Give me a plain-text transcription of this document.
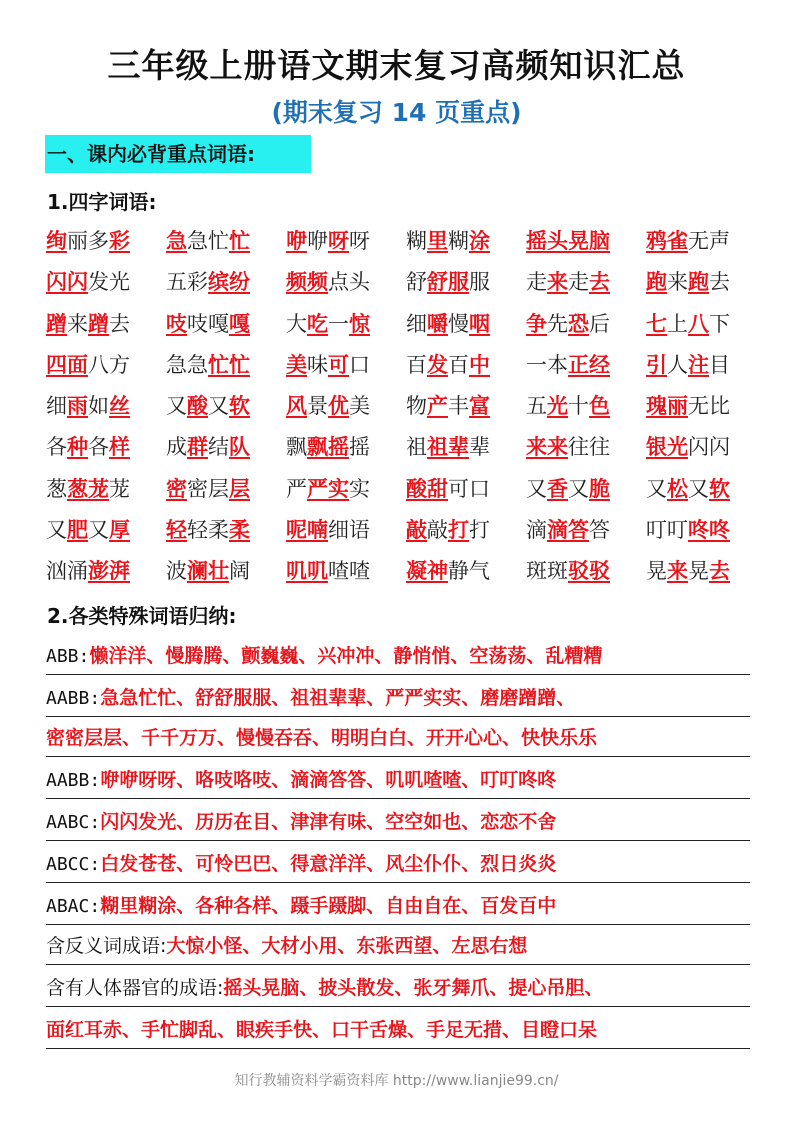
三年级上册语文期末复习高频知识汇总
(期末复习 14 页重点)
一、课内必背重点词语:
1.四字词语:
绚丽多彩	急急忙忙	咿咿呀呀	糊里糊涂	摇头晃脑	鸦雀无声
闪闪发光	五彩缤纷	频频点头	舒舒服服	走来走去	跑来跑去
蹭来蹭去	吱吱嘎嘎	大吃一惊	细嚼慢咽	争先恐后	七上八下
四面八方	急急忙忙	美味可口	百发百中	一本正经	引人注目
细雨如丝	又酸又软	风景优美	物产丰富	五光十色	瑰丽无比
各种各样	成群结队	飘飘摇摇	祖祖辈辈	来来往往	银光闪闪
葱葱茏茏	密密层层	严严实实	酸甜可口	又香又脆	又松又软
又肥又厚	轻轻柔柔	呢喃细语	敲敲打打	滴滴答答	叮叮咚咚
汹涌澎湃	波澜壮阔	叽叽喳喳	凝神静气	斑斑驳驳	晃来晃去
2.各类特殊词语归纳:
ABB:懒洋洋、慢腾腾、颤巍巍、兴冲冲、静悄悄、空荡荡、乱糟糟
AABB:急急忙忙、舒舒服服、祖祖辈辈、严严实实、磨磨蹭蹭、
密密层层、千千万万、慢慢吞吞、明明白白、开开心心、快快乐乐
AABB:咿咿呀呀、咯吱咯吱、滴滴答答、叽叽喳喳、叮叮咚咚
AABC:闪闪发光、历历在目、津津有味、空空如也、恋恋不舍
ABCC:白发苍苍、可怜巴巴、得意洋洋、风尘仆仆、烈日炎炎
ABAC:糊里糊涂、各种各样、蹑手蹑脚、自由自在、百发百中
含反义词成语:大惊小怪、大材小用、东张西望、左思右想
含有人体器官的成语:摇头晃脑、披头散发、张牙舞爪、提心吊胆、
面红耳赤、手忙脚乱、眼疾手快、口干舌燥、手足无措、目瞪口呆
知行教辅资料学霸资料库 http://www.lianjie99.cn/
